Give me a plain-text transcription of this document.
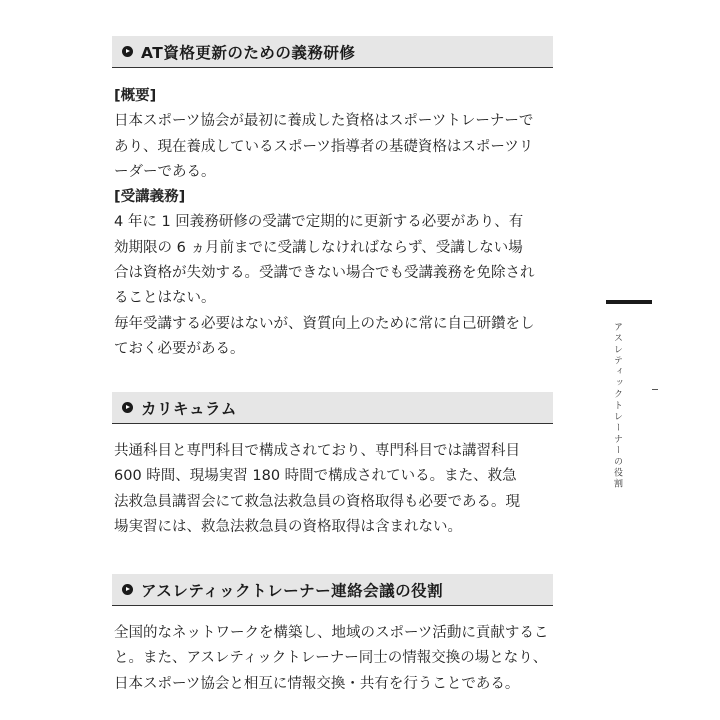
AT資格更新のための義務研修
[概要]
日本スポーツ協会が最初に養成した資格はスポーツトレーナーで
あり、現在養成しているスポーツ指導者の基礎資格はスポーツリ
ーダーである。
[受講義務]
4 年に 1 回義務研修の受講で定期的に更新する必要があり、有
効期限の 6 ヵ月前までに受講しなければならず、受講しない場
合は資格が失効する。受講できない場合でも受講義務を免除され
ることはない。
毎年受講する必要はないが、資質向上のために常に自己研鑽をし
ておく必要がある。
カリキュラム
共通科目と専門科目で構成されており、専門科目では講習科目
600 時間、現場実習 180 時間で構成されている。また、救急
法救急員講習会にて救急法救急員の資格取得も必要である。現
場実習には、救急法救急員の資格取得は含まれない。
アスレティックトレーナー連絡会議の役割
全国的なネットワークを構築し、地域のスポーツ活動に貢献するこ
と。また、アスレティックトレーナー同士の情報交換の場となり、
日本スポーツ協会と相互に情報交換・共有を行うことである。
アスレティックトレーナーの役割
